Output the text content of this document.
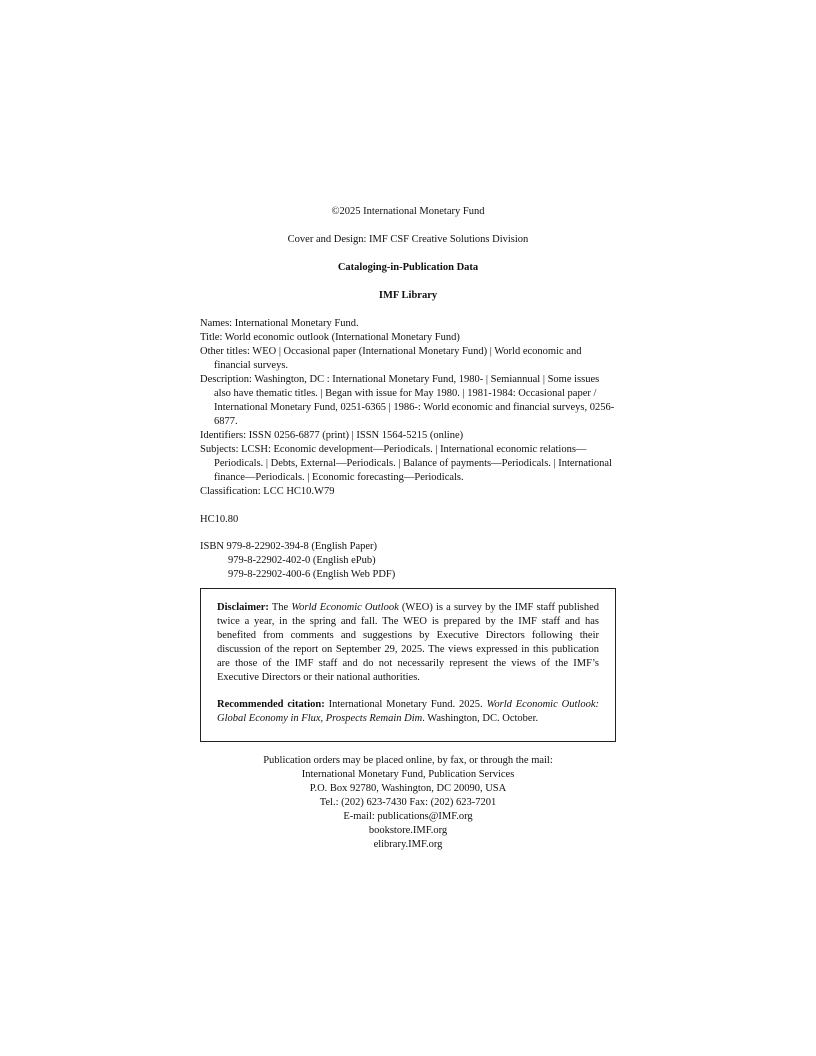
©2025 International Monetary Fund
Cover and Design: IMF CSF Creative Solutions Division
Cataloging-in-Publication Data
IMF Library

Names: International Monetary Fund.

Title: World economic outlook (International Monetary Fund)

Other titles: WEO | Occasional paper (International Monetary Fund) | World economic and financial surveys.

Description: Washington, DC : International Monetary Fund, 1980- | Semiannual | Some issues also have thematic titles. | Began with issue for May 1980. | 1981-1984: Occasional paper / International Monetary Fund, 0251-6365 | 1986-: World economic and financial surveys, 0256-6877.

Identifiers: ISSN 0256-6877 (print) | ISSN 1564-5215 (online)

Subjects: LCSH: Economic development—Periodicals. | International economic relations—Periodicals. | Debts, External—Periodicals. | Balance of payments—Periodicals. | International finance—Periodicals. | Economic forecasting—Periodicals.

Classification: LCC HC10.W79

HC10.80
ISBN 979-8-22902-394-8 (English Paper)
979-8-22902-402-0 (English ePub)
979-8-22902-400-6 (English Web PDF)

Disclaimer: The World Economic Outlook (WEO) is a survey by the IMF staff published twice a year, in the spring and fall. The WEO is prepared by the IMF staff and has benefited from comments and suggestions by Executive Directors following their discussion of the report on September 29, 2025. The views expressed in this publication are those of the IMF staff and do not necessarily represent the views of the IMF’s Executive Directors or their national authorities.

Recommended citation: International Monetary Fund. 2025. World Economic Outlook: Global Economy in Flux, Prospects Remain Dim. Washington, DC. October.

Publication orders may be placed online, by fax, or through the mail:
International Monetary Fund, Publication Services
P.O. Box 92780, Washington, DC 20090, USA
Tel.: (202) 623-7430 Fax: (202) 623-7201
E-mail: publications@IMF.org
bookstore.IMF.org
elibrary.IMF.org
